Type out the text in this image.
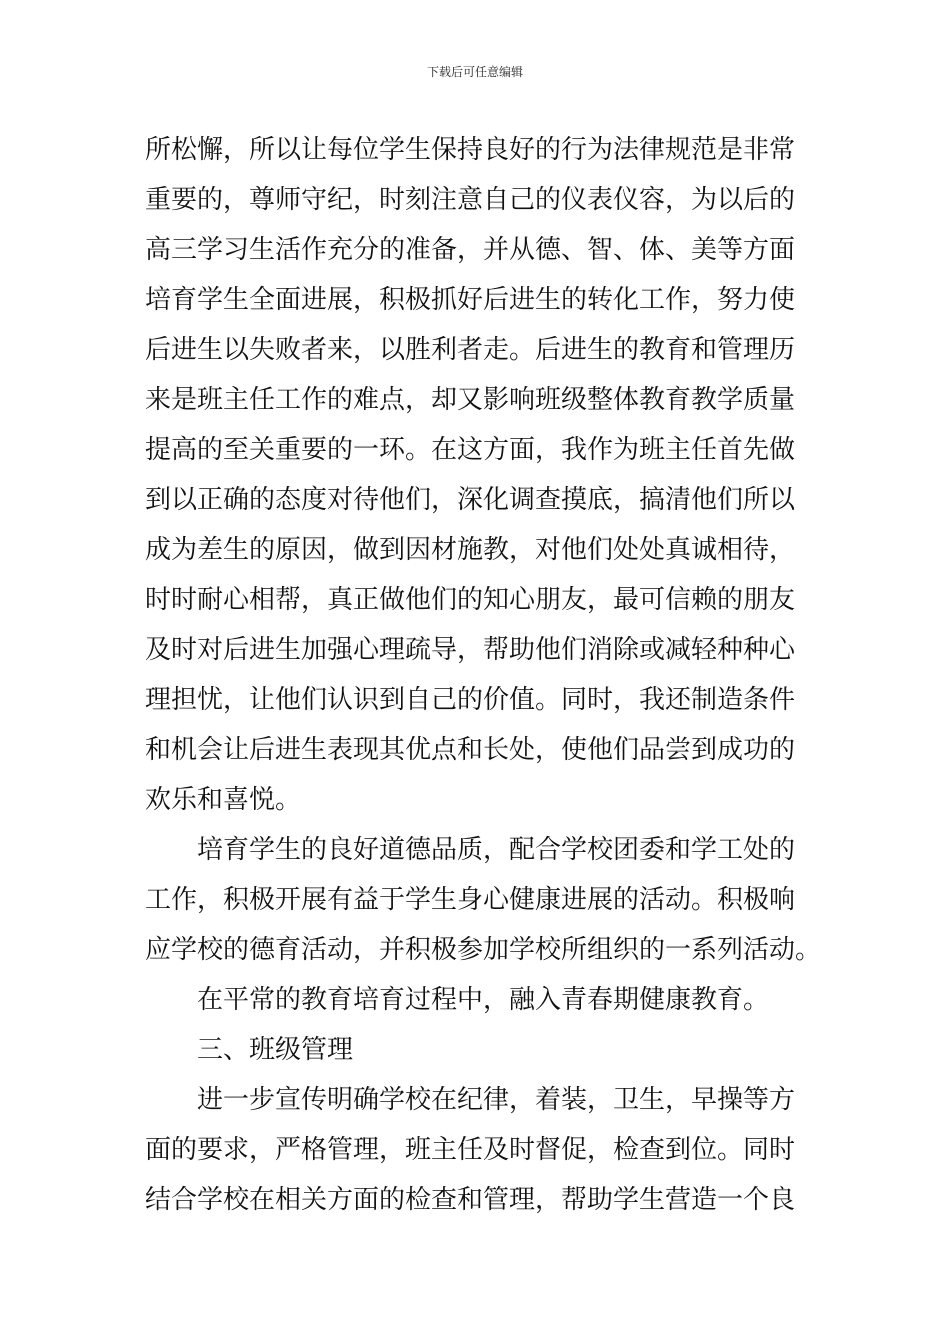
下载后可任意编辑
所松懈，所以让每位学生保持良好的行为法律规范是非常
重要的，尊师守纪，时刻注意自己的仪表仪容，为以后的
高三学习生活作充分的准备，并从德、智、体、美等方面
培育学生全面进展，积极抓好后进生的转化工作，努力使
后进生以失败者来，以胜利者走。后进生的教育和管理历
来是班主任工作的难点，却又影响班级整体教育教学质量
提高的至关重要的一环。在这方面，我作为班主任首先做
到以正确的态度对待他们，深化调查摸底，搞清他们所以
成为差生的原因，做到因材施教，对他们处处真诚相待，
时时耐心相帮，真正做他们的知心朋友，最可信赖的朋友
及时对后进生加强心理疏导，帮助他们消除或减轻种种心
理担忧，让他们认识到自己的价值。同时，我还制造条件
和机会让后进生表现其优点和长处，使他们品尝到成功的
欢乐和喜悦。
　　培育学生的良好道德品质，配合学校团委和学工处的
工作，积极开展有益于学生身心健康进展的活动。积极响
应学校的德育活动，并积极参加学校所组织的一系列活动。
　　在平常的教育培育过程中，融入青春期健康教育。
　　三、班级管理
　　进一步宣传明确学校在纪律，着装，卫生，早操等方
面的要求，严格管理，班主任及时督促，检查到位。同时
结合学校在相关方面的检查和管理，帮助学生营造一个良
